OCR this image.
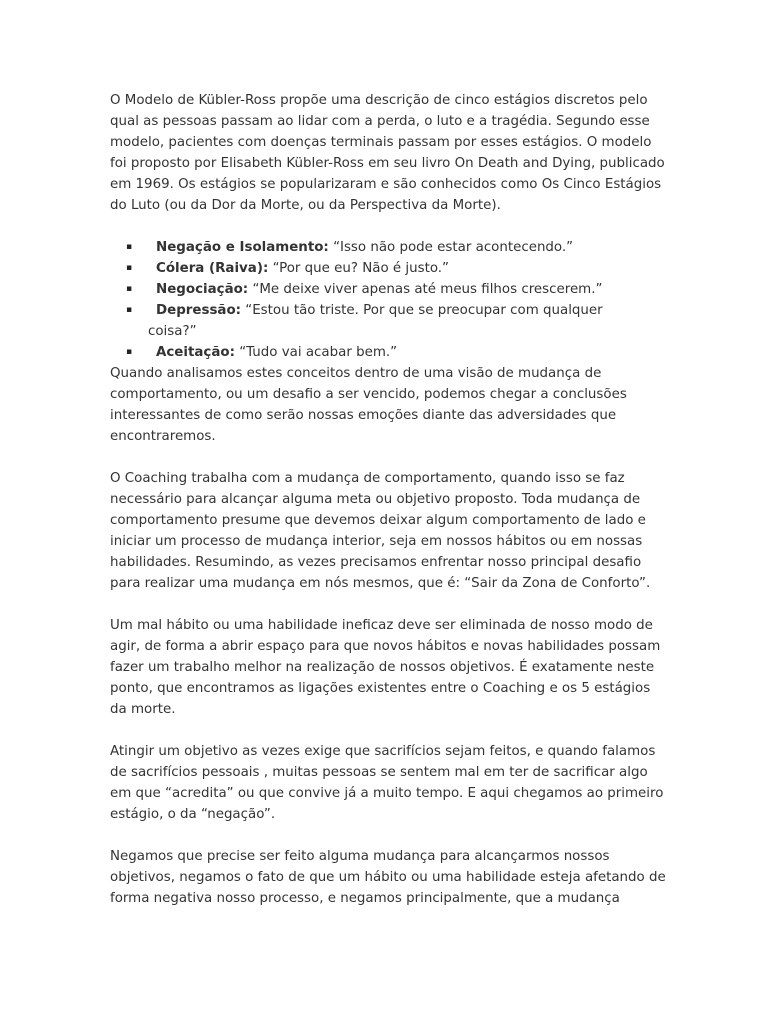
O Modelo de Kübler-Ross propõe uma descrição de cinco estágios discretos pelo qual as pessoas passam ao lidar com a perda, o luto e a tragédia. Segundo esse modelo, pacientes com doenças terminais passam por esses estágios. O modelo foi proposto por Elisabeth Kübler-Ross em seu livro On Death and Dying, publicado em 1969. Os estágios se popularizaram e são conhecidos como Os Cinco Estágios do Luto (ou da Dor da Morte, ou da Perspectiva da Morte).

▪ Negação e Isolamento: “Isso não pode estar acontecendo.”
▪ Cólera (Raiva): “Por que eu? Não é justo.”
▪ Negociação: “Me deixe viver apenas até meus filhos crescerem.”
▪ Depressão: “Estou tão triste. Por que se preocupar com qualquer
coisa?”
▪ Aceitação: “Tudo vai acabar bem.”

Quando analisamos estes conceitos dentro de uma visão de mudança de comportamento, ou um desafio a ser vencido, podemos chegar a conclusões interessantes de como serão nossas emoções diante das adversidades que encontraremos.

O Coaching trabalha com a mudança de comportamento, quando isso se faz necessário para alcançar alguma meta ou objetivo proposto. Toda mudança de comportamento presume que devemos deixar algum comportamento de lado e iniciar um processo de mudança interior, seja em nossos hábitos ou em nossas habilidades. Resumindo, as vezes precisamos enfrentar nosso principal desafio para realizar uma mudança em nós mesmos, que é: “Sair da Zona de Conforto”.

Um mal hábito ou uma habilidade ineficaz deve ser eliminada de nosso modo de agir, de forma a abrir espaço para que novos hábitos e novas habilidades possam fazer um trabalho melhor na realização de nossos objetivos. É exatamente neste ponto, que encontramos as ligações existentes entre o Coaching e os 5 estágios da morte.

Atingir um objetivo as vezes exige que sacrifícios sejam feitos, e quando falamos de sacrifícios pessoais , muitas pessoas se sentem mal em ter de sacrificar algo em que “acredita” ou que convive já a muito tempo. E aqui chegamos ao primeiro estágio, o da “negação”.

Negamos que precise ser feito alguma mudança para alcançarmos nossos objetivos, negamos o fato de que um hábito ou uma habilidade esteja afetando de forma negativa nosso processo, e negamos principalmente, que a mudança
